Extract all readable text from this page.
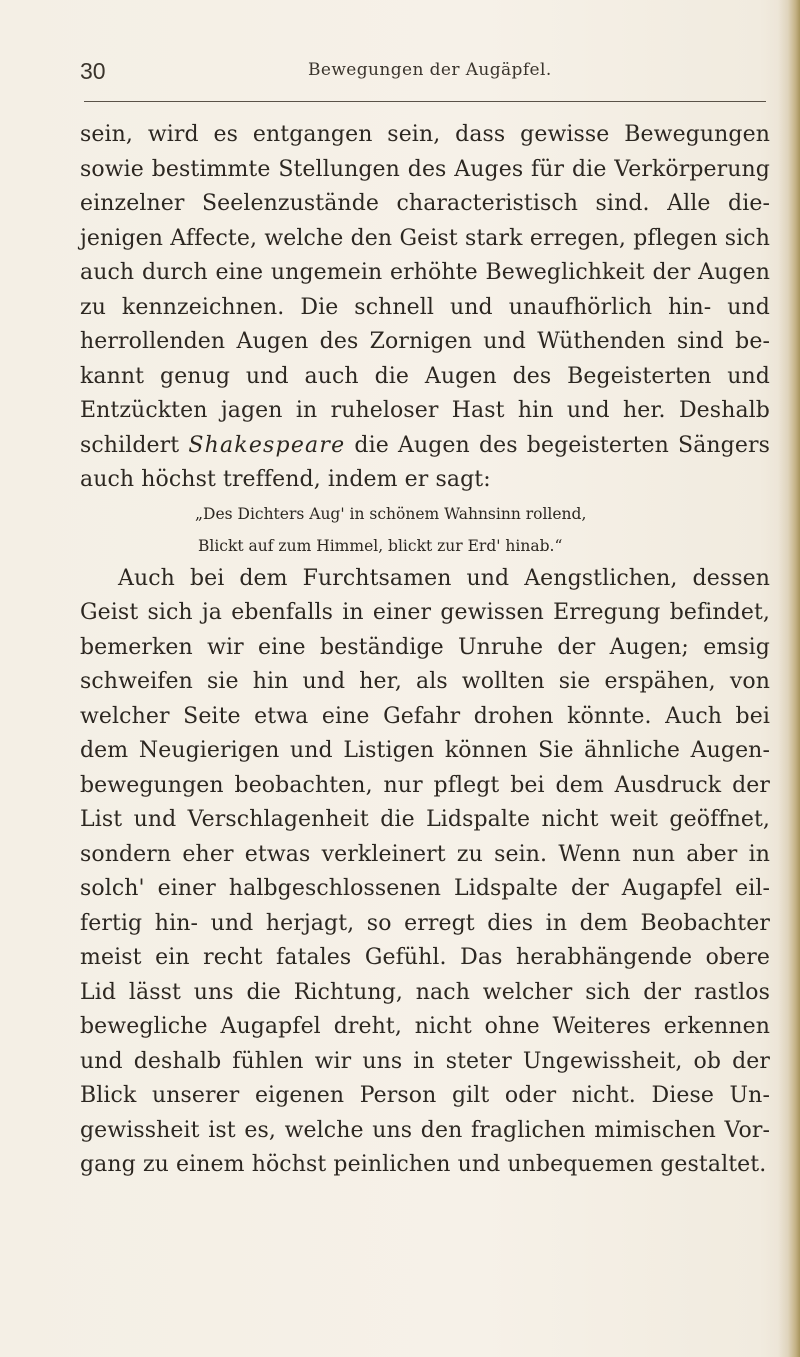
30	Bewegungen der Augäpfel.
sein, wird es entgangen sein, dass gewisse Bewegungen
sowie bestimmte Stellungen des Auges für die Verkörperung
einzelner Seelenzustände characteristisch sind. Alle die-
jenigen Affecte, welche den Geist stark erregen, pflegen sich
auch durch eine ungemein erhöhte Beweglichkeit der Augen
zu kennzeichnen. Die schnell und unaufhörlich hin- und
herrollenden Augen des Zornigen und Wüthenden sind be-
kannt genug und auch die Augen des Begeisterten und
Entzückten jagen in ruheloser Hast hin und her. Deshalb
schildert Shakespeare die Augen des begeisterten Sängers
auch höchst treffend, indem er sagt:
„Des Dichters Aug' in schönem Wahnsinn rollend,
Blickt auf zum Himmel, blickt zur Erd' hinab.“
Auch bei dem Furchtsamen und Aengstlichen, dessen
Geist sich ja ebenfalls in einer gewissen Erregung befindet,
bemerken wir eine beständige Unruhe der Augen; emsig
schweifen sie hin und her, als wollten sie erspähen, von
welcher Seite etwa eine Gefahr drohen könnte. Auch bei
dem Neugierigen und Listigen können Sie ähnliche Augen-
bewegungen beobachten, nur pflegt bei dem Ausdruck der
List und Verschlagenheit die Lidspalte nicht weit geöffnet,
sondern eher etwas verkleinert zu sein. Wenn nun aber in
solch' einer halbgeschlossenen Lidspalte der Augapfel eil-
fertig hin- und herjagt, so erregt dies in dem Beobachter
meist ein recht fatales Gefühl. Das herabhängende obere
Lid lässt uns die Richtung, nach welcher sich der rastlos
bewegliche Augapfel dreht, nicht ohne Weiteres erkennen
und deshalb fühlen wir uns in steter Ungewissheit, ob der
Blick unserer eigenen Person gilt oder nicht. Diese Un-
gewissheit ist es, welche uns den fraglichen mimischen Vor-
gang zu einem höchst peinlichen und unbequemen gestaltet.
